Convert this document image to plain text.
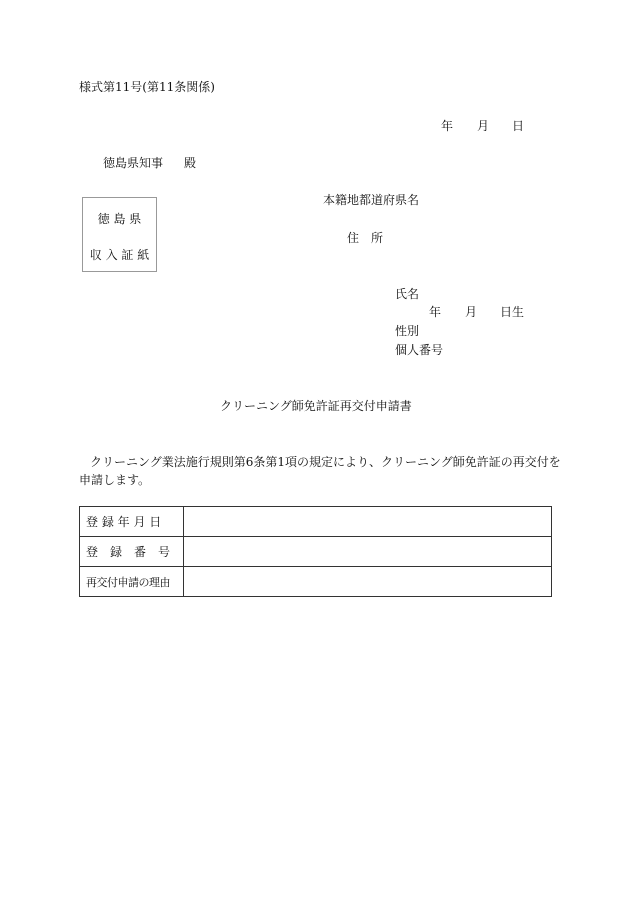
様式第11号(第11条関係)
年 月 日
徳島県知事 殿
徳 島 県
収 入 証 紙
本籍地都道府県名
住　所
氏名
年 月 日生
性別
個人番号
クリーニング師免許証再交付申請書
クリーニング業法施行規則第6条第1項の規定により、クリーニング師免許証の再交付を
申請します。
登 録 年 月 日	
登　録　番　号	
再交付申請の理由	
